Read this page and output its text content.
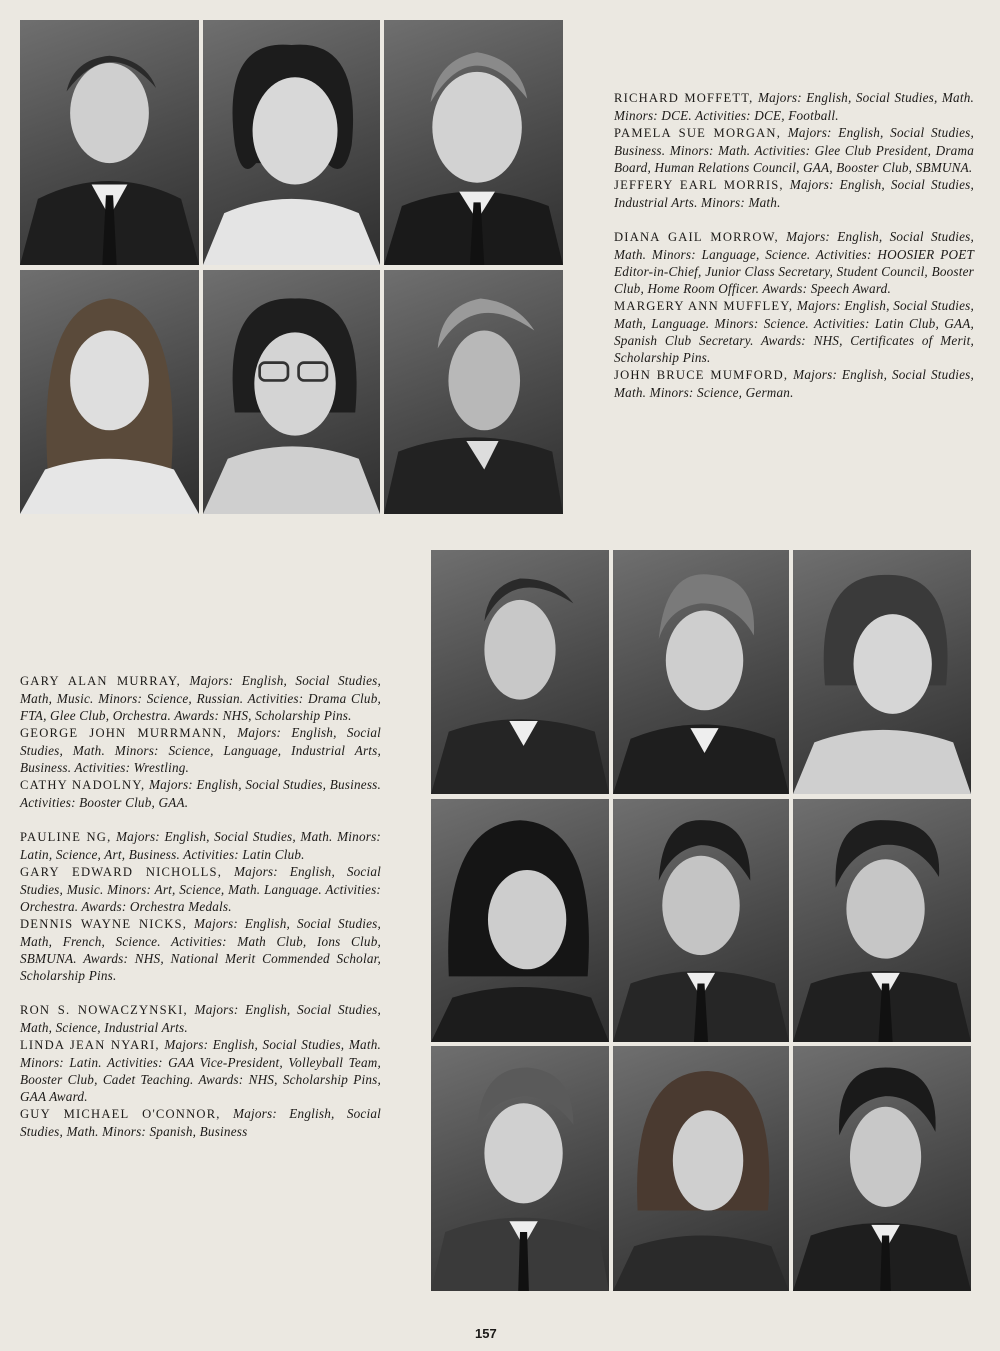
RICHARD MOFFETT, Majors: English, Social Studies, Math. Minors: DCE. Activities: DCE, Football.

PAMELA SUE MORGAN, Majors: English, Social Studies, Business. Minors: Math. Activities: Glee Club President, Drama Board, Human Relations Council, GAA, Booster Club, SBMUNA.

JEFFERY EARL MORRIS, Majors: English, Social Studies, Industrial Arts. Minors: Math.

DIANA GAIL MORROW, Majors: English, Social Studies, Math. Minors: Language, Science. Activities: HOOSIER POET Editor-in-Chief, Junior Class Secretary, Student Council, Booster Club, Home Room Officer. Awards: Speech Award.

MARGERY ANN MUFFLEY, Majors: English, Social Studies, Math, Language. Minors: Science. Activities: Latin Club, GAA, Spanish Club Secretary. Awards: NHS, Certificates of Merit, Scholarship Pins.

JOHN BRUCE MUMFORD, Majors: English, Social Studies, Math. Minors: Science, German.

GARY ALAN MURRAY, Majors: English, Social Studies, Math, Music. Minors: Science, Russian. Activities: Drama Club, FTA, Glee Club, Orchestra. Awards: NHS, Scholarship Pins.

GEORGE JOHN MURRMANN, Majors: English, Social Studies, Math. Minors: Science, Language, Industrial Arts, Business. Activities: Wrestling.

CATHY NADOLNY, Majors: English, Social Studies, Business. Activities: Booster Club, GAA.

PAULINE NG, Majors: English, Social Studies, Math. Minors: Latin, Science, Art, Business. Activities: Latin Club.

GARY EDWARD NICHOLLS, Majors: English, Social Studies, Music. Minors: Art, Science, Math. Language. Activities: Orchestra. Awards: Orchestra Medals.

DENNIS WAYNE NICKS, Majors: English, Social Studies, Math, French, Science. Activities: Math Club, Ions Club, SBMUNA. Awards: NHS, National Merit Commended Scholar, Scholarship Pins.

RON S. NOWACZYNSKI, Majors: English, Social Studies, Math, Science, Industrial Arts.

LINDA JEAN NYARI, Majors: English, Social Studies, Math. Minors: Latin. Activities: GAA Vice-President, Volleyball Team, Booster Club, Cadet Teaching. Awards: NHS, Scholarship Pins, GAA Award.

GUY MICHAEL O'CONNOR, Majors: English, Social Studies, Math. Minors: Spanish, Business

157
